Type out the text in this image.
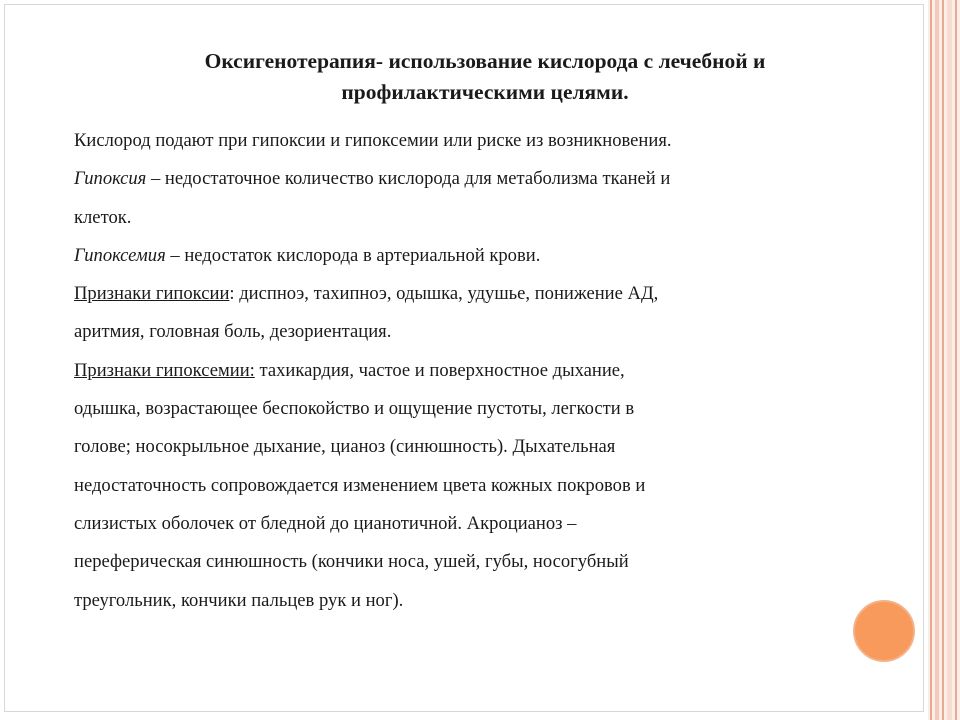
Оксигенотерапия- использование кислорода с лечебной и
профилактическими целями.
Кислород подают при гипоксии и гипоксемии или риске из возникновения.
Гипоксия – недостаточное количество кислорода для метаболизма тканей и
клеток.
Гипоксемия – недостаток кислорода в артериальной крови.
Признаки гипоксии: диспноэ, тахипноэ, одышка, удушье, понижение АД,
аритмия, головная боль, дезориентация.
Признаки гипоксемии: тахикардия, частое и поверхностное дыхание,
одышка, возрастающее беспокойство и ощущение пустоты, легкости в
голове; носокрыльное дыхание, цианоз (синюшность). Дыхательная
недостаточность сопровождается изменением цвета кожных покровов и
слизистых оболочек от бледной до цианотичной. Акроцианоз –
переферическая синюшность (кончики носа, ушей, губы, носогубный
треугольник, кончики пальцев рук и ног).
